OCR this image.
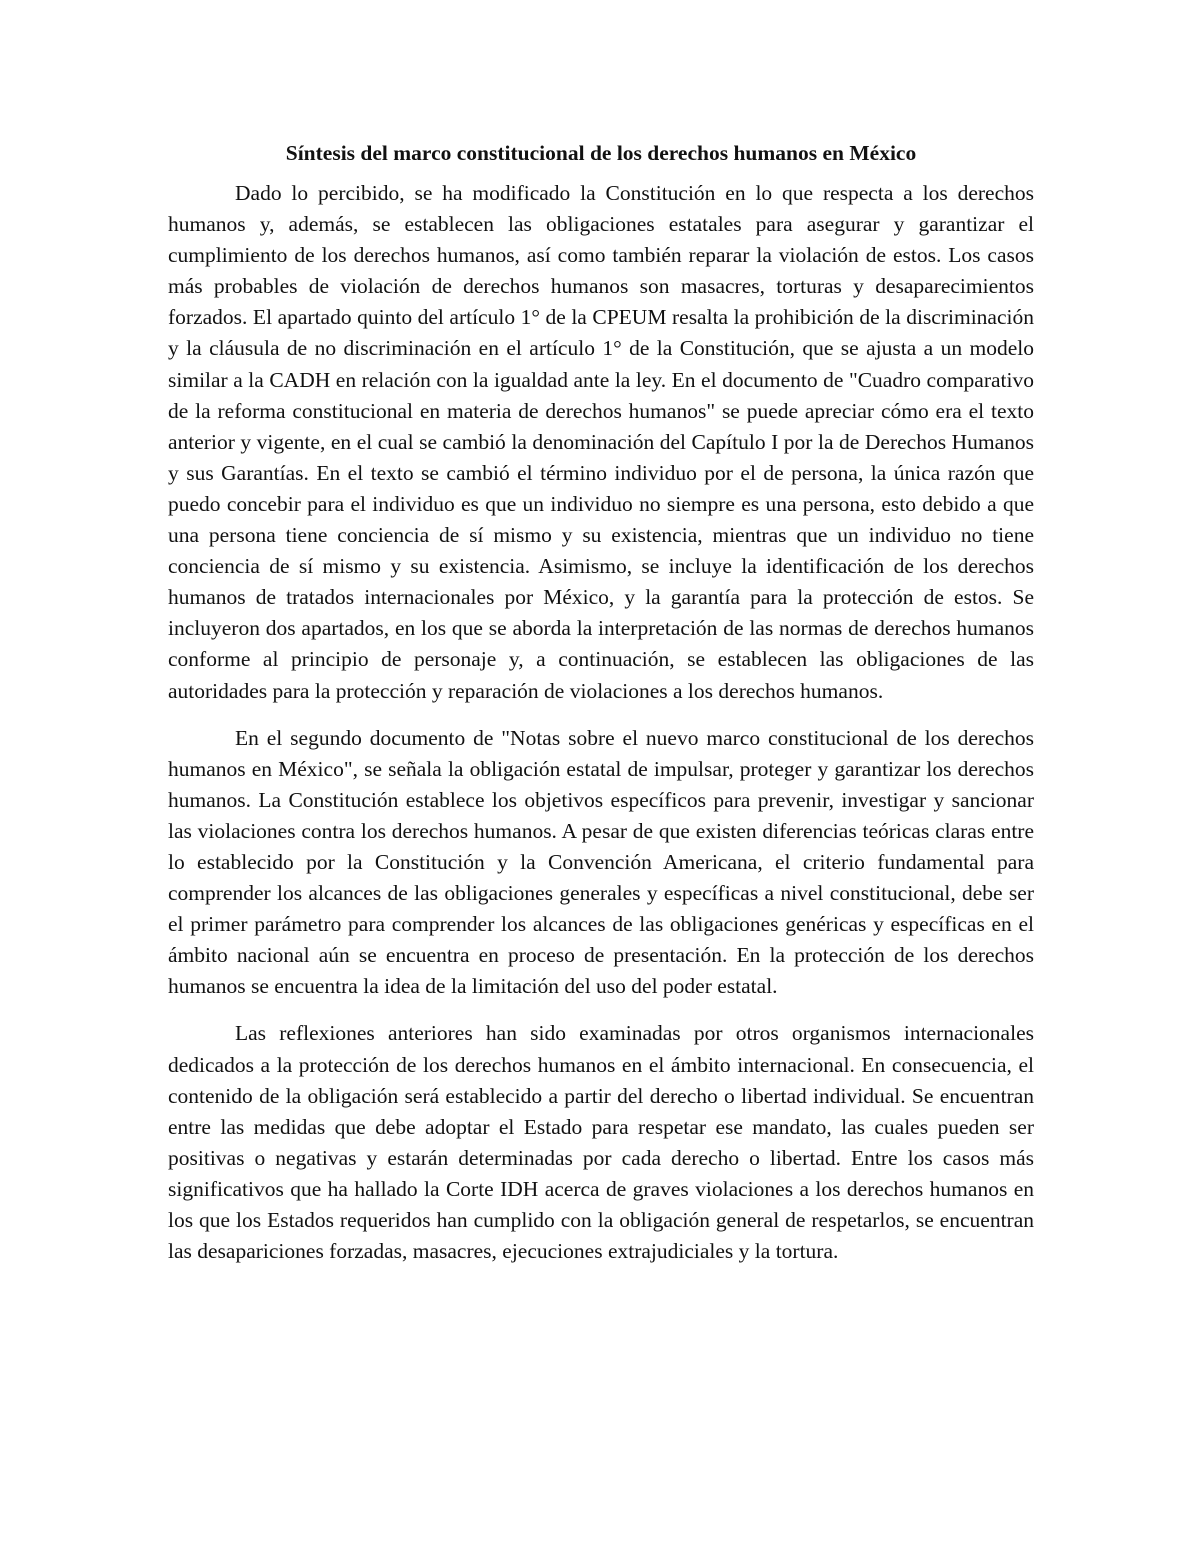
Síntesis del marco constitucional de los derechos humanos en México

Dado lo percibido, se ha modificado la Constitución en lo que respecta a los derechos humanos y, además, se establecen las obligaciones estatales para asegurar y garantizar el cumplimiento de los derechos humanos, así como también reparar la violación de estos. Los casos más probables de violación de derechos humanos son masacres, torturas y desaparecimientos forzados. El apartado quinto del artículo 1° de la CPEUM resalta la prohibición de la discriminación y la cláusula de no discriminación en el artículo 1° de la Constitución, que se ajusta a un modelo similar a la CADH en relación con la igualdad ante la ley. En el documento de "Cuadro comparativo de la reforma constitucional en materia de derechos humanos" se puede apreciar cómo era el texto anterior y vigente, en el cual se cambió la denominación del Capítulo I por la de Derechos Humanos y sus Garantías. En el texto se cambió el término individuo por el de persona, la única razón que puedo concebir para el individuo es que un individuo no siempre es una persona, esto debido a que una persona tiene conciencia de sí mismo y su existencia, mientras que un individuo no tiene conciencia de sí mismo y su existencia. Asimismo, se incluye la identificación de los derechos humanos de tratados internacionales por México, y la garantía para la protección de estos. Se incluyeron dos apartados, en los que se aborda la interpretación de las normas de derechos humanos conforme al principio de personaje y, a continuación, se establecen las obligaciones de las autoridades para la protección y reparación de violaciones a los derechos humanos.

En el segundo documento de "Notas sobre el nuevo marco constitucional de los derechos humanos en México", se señala la obligación estatal de impulsar, proteger y garantizar los derechos humanos. La Constitución establece los objetivos específicos para prevenir, investigar y sancionar las violaciones contra los derechos humanos. A pesar de que existen diferencias teóricas claras entre lo establecido por la Constitución y la Convención Americana, el criterio fundamental para comprender los alcances de las obligaciones generales y específicas a nivel constitucional, debe ser el primer parámetro para comprender los alcances de las obligaciones genéricas y específicas en el ámbito nacional aún se encuentra en proceso de presentación. En la protección de los derechos humanos se encuentra la idea de la limitación del uso del poder estatal.

Las reflexiones anteriores han sido examinadas por otros organismos internacionales dedicados a la protección de los derechos humanos en el ámbito internacional. En consecuencia, el contenido de la obligación será establecido a partir del derecho o libertad individual. Se encuentran entre las medidas que debe adoptar el Estado para respetar ese mandato, las cuales pueden ser positivas o negativas y estarán determinadas por cada derecho o libertad. Entre los casos más significativos que ha hallado la Corte IDH acerca de graves violaciones a los derechos humanos en los que los Estados requeridos han cumplido con la obligación general de respetarlos, se encuentran las desapariciones forzadas, masacres, ejecuciones extrajudiciales y la tortura.
